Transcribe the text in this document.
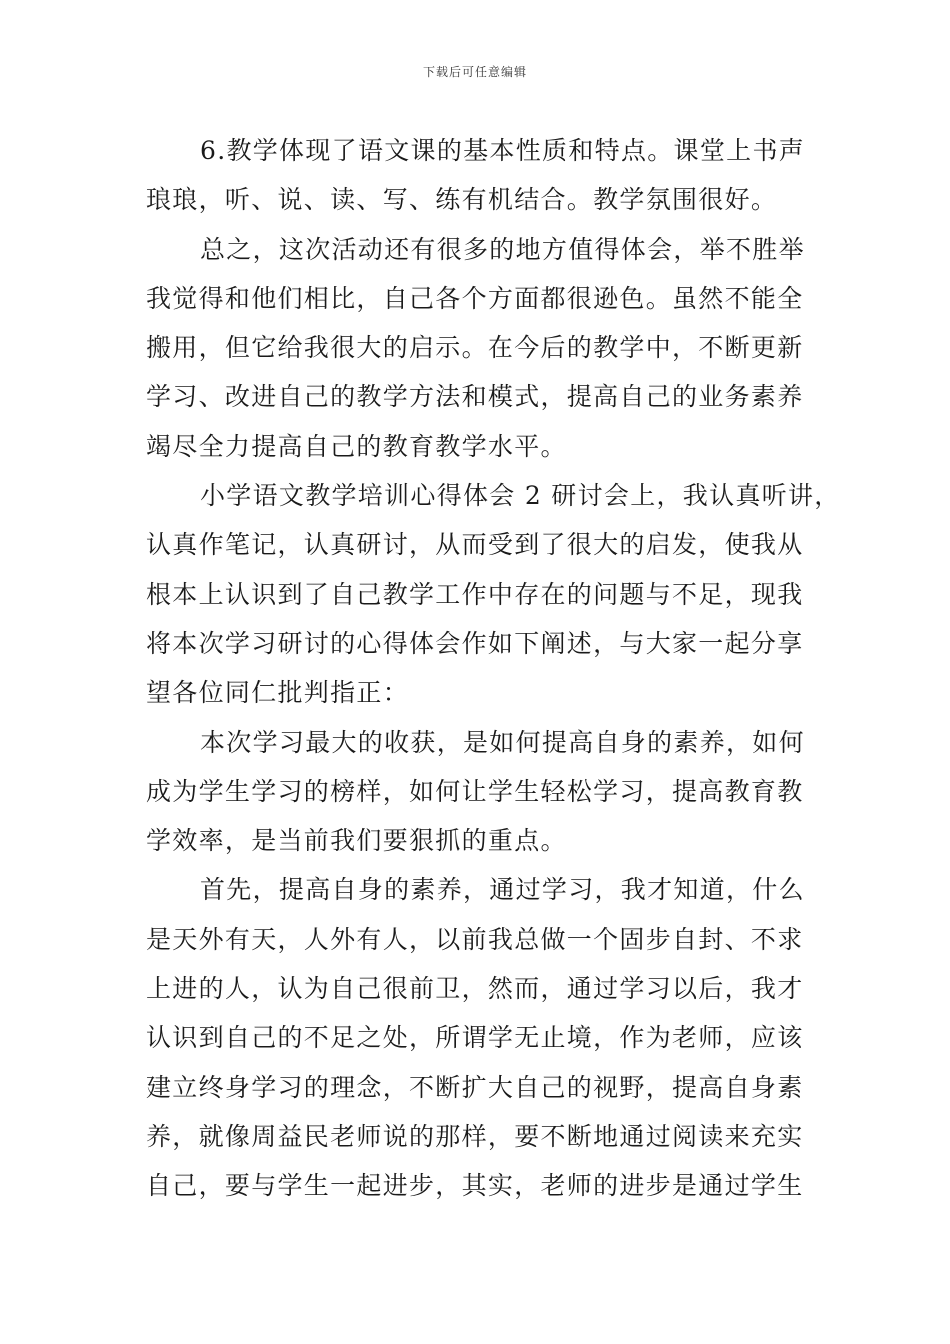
下载后可任意编辑
6.教学体现了语文课的基本性质和特点。课堂上书声
琅琅，听、说、读、写、练有机结合。教学氛围很好。
总之，这次活动还有很多的地方值得体会，举不胜举
我觉得和他们相比，自己各个方面都很逊色。虽然不能全
搬用，但它给我很大的启示。在今后的教学中，不断更新
学习、改进自己的教学方法和模式，提高自己的业务素养
竭尽全力提高自己的教育教学水平。
小学语文教学培训心得体会 2 研讨会上，我认真听讲，
认真作笔记，认真研讨，从而受到了很大的启发，使我从
根本上认识到了自己教学工作中存在的问题与不足，现我
将本次学习研讨的心得体会作如下阐述，与大家一起分享
望各位同仁批判指正：
本次学习最大的收获，是如何提高自身的素养，如何
成为学生学习的榜样，如何让学生轻松学习，提高教育教
学效率，是当前我们要狠抓的重点。
首先，提高自身的素养，通过学习，我才知道，什么
是天外有天，人外有人，以前我总做一个固步自封、不求
上进的人，认为自己很前卫，然而，通过学习以后，我才
认识到自己的不足之处，所谓学无止境，作为老师，应该
建立终身学习的理念，不断扩大自己的视野，提高自身素
养，就像周益民老师说的那样，要不断地通过阅读来充实
自己，要与学生一起进步，其实，老师的进步是通过学生
